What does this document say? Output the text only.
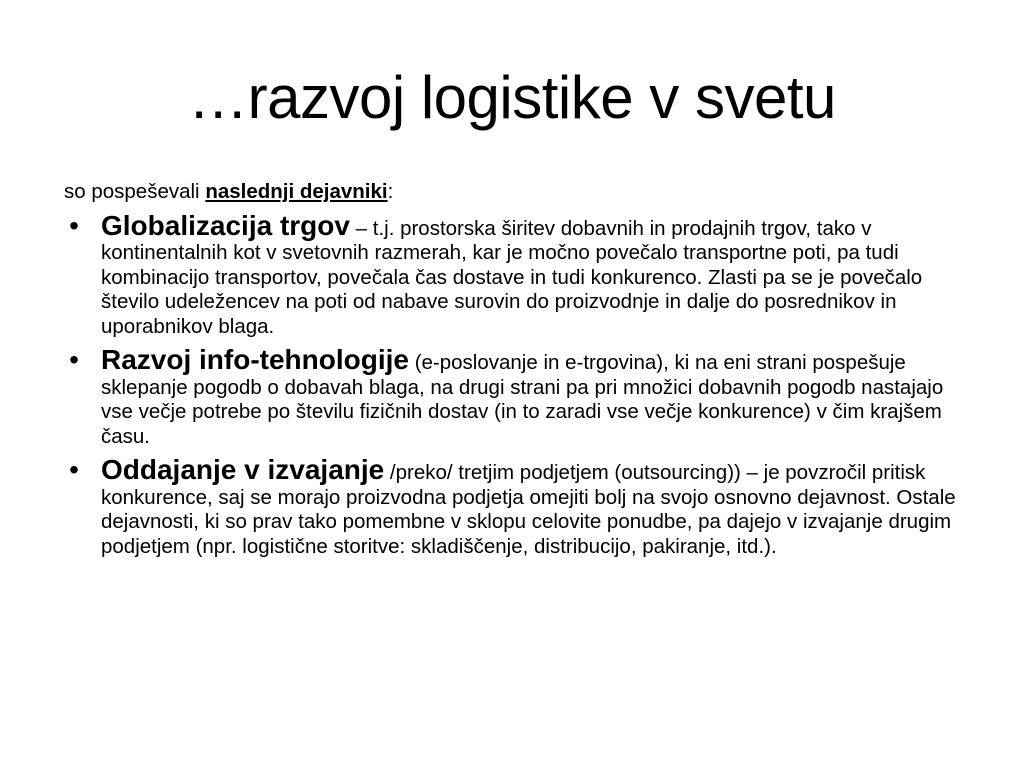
…razvoj logistike v svetu

so pospeševali naslednji dejavniki:

• Globalizacija trgov – t.j. prostorska širitev dobavnih in prodajnih trgov, tako v kontinentalnih kot v svetovnih razmerah, kar je močno povečalo transportne poti, pa tudi kombinacijo transportov, povečala čas dostave in tudi konkurenco. Zlasti pa se je povečalo število udeležencev na poti od nabave surovin do proizvodnje in dalje do posrednikov in uporabnikov blaga.
• Razvoj info-tehnologije (e-poslovanje in e-trgovina), ki na eni strani pospešuje sklepanje pogodb o dobavah blaga, na drugi strani pa pri množici dobavnih pogodb nastajajo vse večje potrebe po številu fizičnih dostav (in to zaradi vse večje konkurence) v čim krajšem času.
• Oddajanje v izvajanje /preko/ tretjim podjetjem (outsourcing)) – je povzročil pritisk konkurence, saj se morajo proizvodna podjetja omejiti bolj na svojo osnovno dejavnost. Ostale dejavnosti, ki so prav tako pomembne v sklopu celovite ponudbe, pa dajejo v izvajanje drugim podjetjem (npr. logistične storitve: skladiščenje, distribucijo, pakiranje, itd.).
